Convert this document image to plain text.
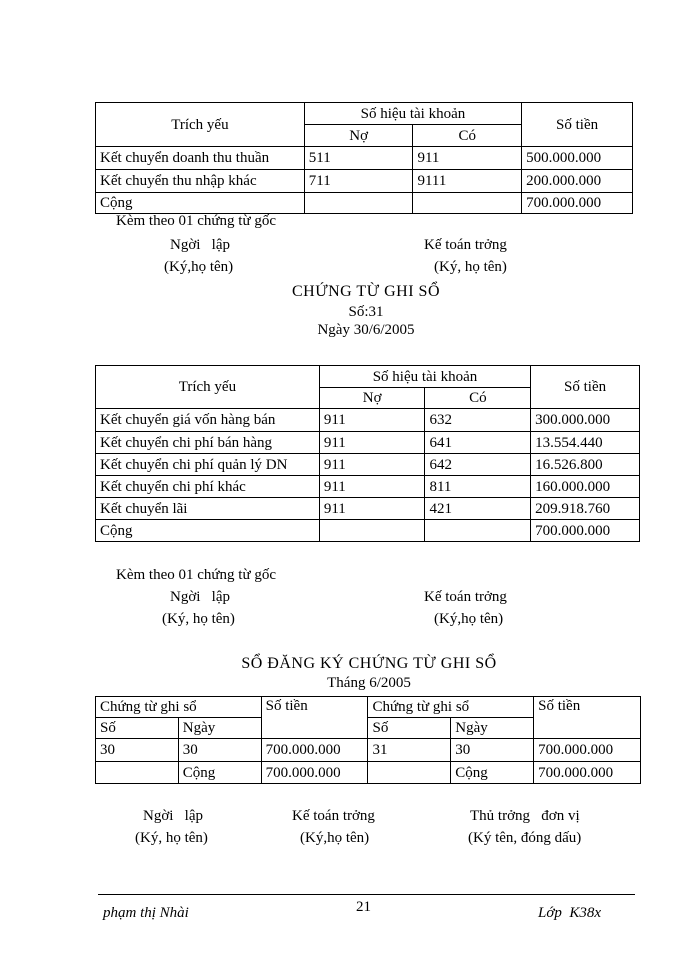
Trích yếu	Số hiệu tài khoản		Số tiền
	Nợ	Có	
Kết chuyển doanh thu thuần	511	911	500.000.000
Kết chuyển thu nhập khác	711	9111	200.000.000
Cộng			700.000.000
Kèm theo 01 chứng từ gốc
Ngời   lập
(Ký,họ tên)
Kế toán trởng
(Ký, họ tên)
CHỨNG TỪ GHI SỔ
Số:31
Ngày 30/6/2005
Trích yếu	Số hiệu tài khoản		Số tiền
	Nợ	Có	
Kết chuyển giá vốn hàng bán	911	632	300.000.000
Kết chuyển chi phí bán hàng	911	641	13.554.440
Kết chuyển chi phí quản lý DN	911	642	16.526.800
Kết chuyển chi phí khác	911	811	160.000.000
Kết chuyển lãi	911	421	209.918.760
Cộng			700.000.000
Kèm theo 01 chứng từ gốc
Ngời   lập
(Ký, họ tên)
Kế toán trởng
(Ký,họ tên)
SỔ ĐĂNG KÝ CHỨNG TỪ GHI SỔ
Tháng 6/2005
Chứng từ ghi sổ		Số tiền	Chứng từ ghi sổ		Số tiền
Số	Ngày		Số	Ngày	
30	30	700.000.000	31	30	700.000.000
	Cộng	700.000.000		Cộng	700.000.000
Ngời   lập
(Ký, họ tên)
Kế toán trởng
(Ký,họ tên)
Thủ trởng   đơn vị
(Ký tên, đóng dấu)
phạm thị Nhài	21	Lớp  K38x
